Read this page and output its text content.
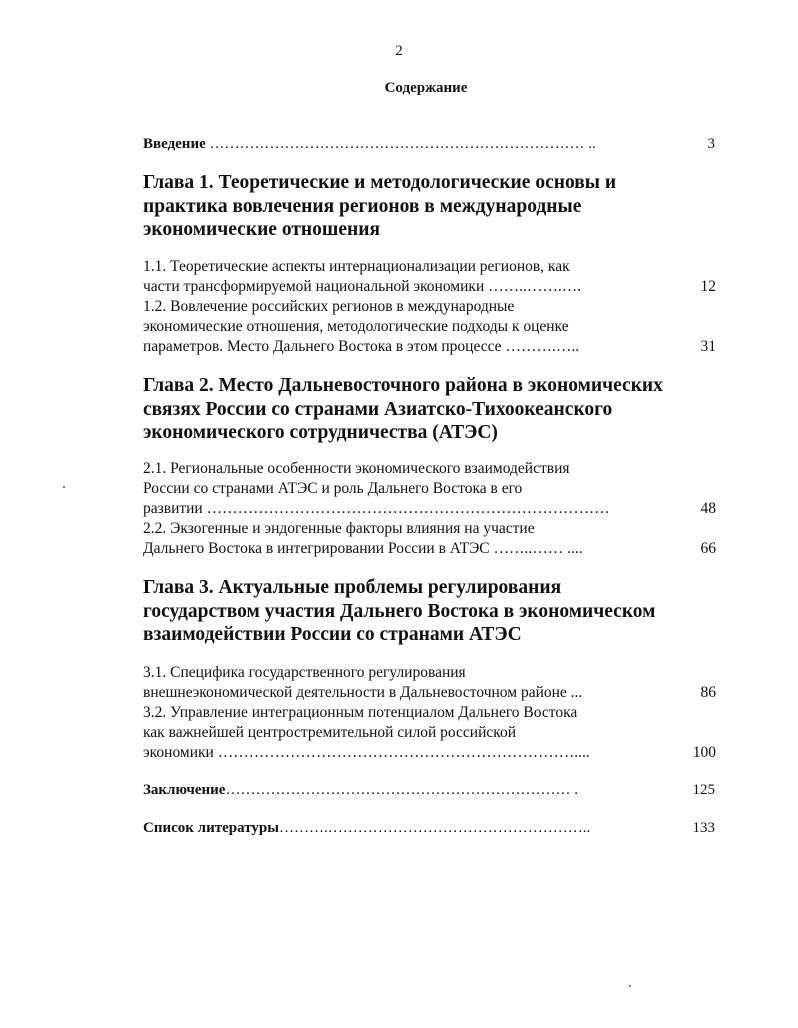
2
Содержание
Введение ………………………………………………………………… ..	3
Глава 1. Теоретические и методологические основы и
практика вовлечения регионов в международные
экономические отношения
1.1. Теоретические аспекты интернационализации регионов, как
части трансформируемой национальной экономики ……..…….….	12
1.2. Вовлечение российских регионов в международные
экономические отношения, методологические подходы к оценке
параметров. Место Дальнего Востока в этом процессе ……….…..	31
Глава 2. Место Дальневосточного района в экономических
связях России со странами Азиатско-Тихоокеанского
экономического сотрудничества (АТЭС)
2.1. Региональные особенности экономического взаимодействия
России со странами АТЭС и роль Дальнего Востока в его
развитии ……………………………………………………………………	48
2.2. Экзогенные и эндогенные факторы влияния на участие
Дальнего Востока в интегрировании России в АТЭС ……..…… ....	66
Глава 3. Актуальные проблемы регулирования
государством участия Дальнего Востока в экономическом
взаимодействии России со странами АТЭС
3.1. Специфика государственного регулирования
внешнеэкономической деятельности в Дальневосточном районе ...	86
3.2. Управление интеграционным потенциалом Дальнего Востока
как важнейшей центростремительной силой российской
экономики ……………………………………………………………....	100
Заключение…………………………………………………………… .	125
Список литературы……….……………………………………………..	133
